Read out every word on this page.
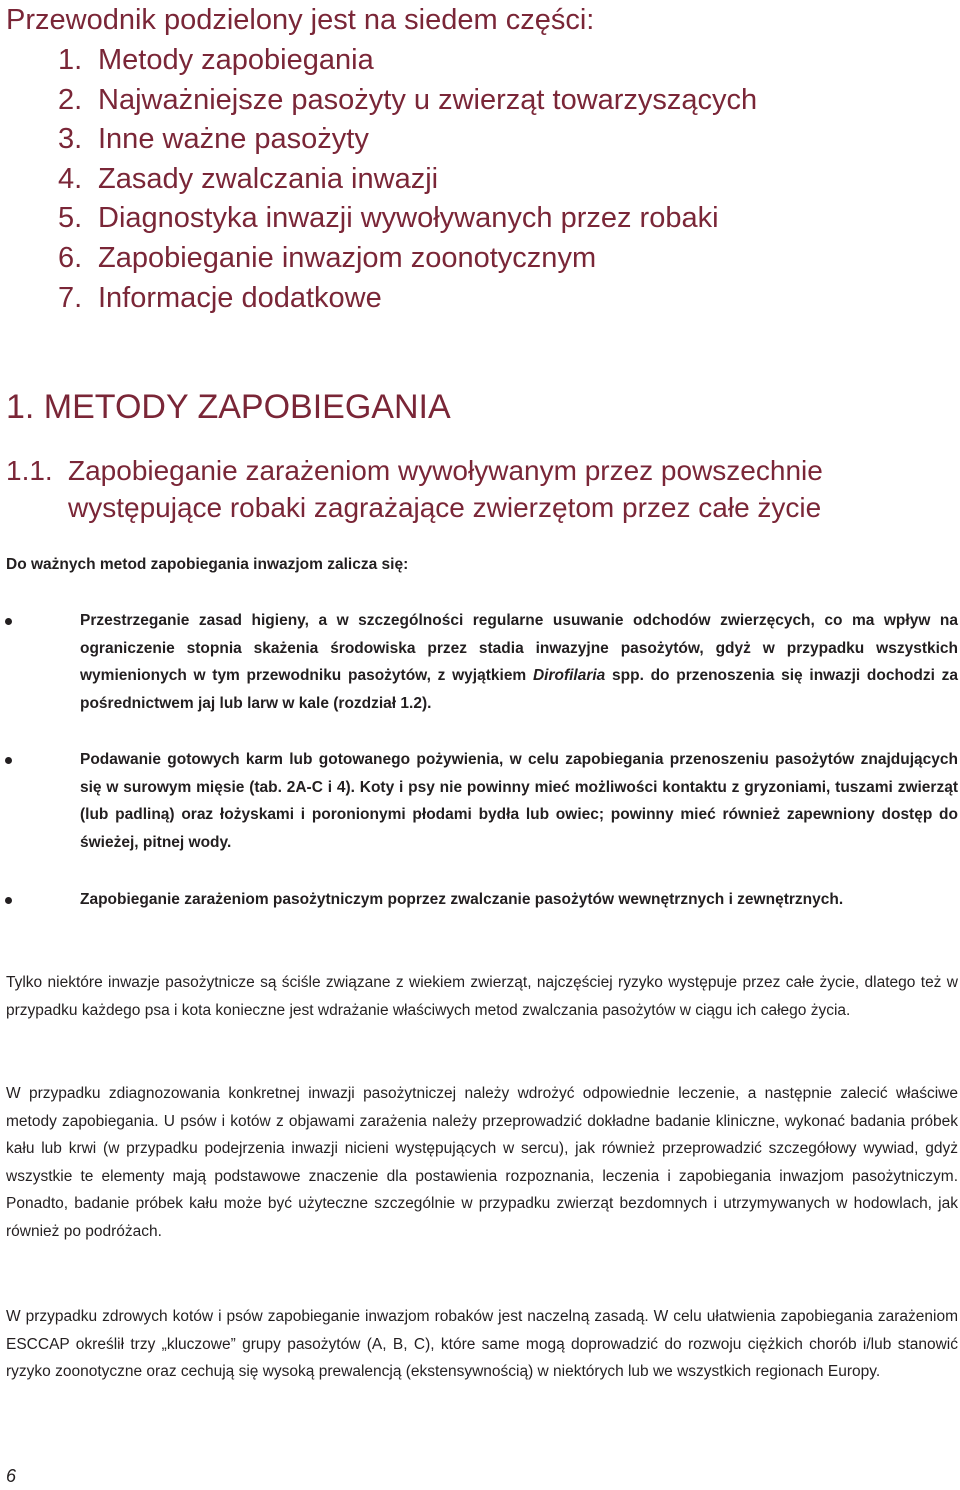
Przewodnik podzielony jest na siedem części:
1. Metody zapobiegania
2. Najważniejsze pasożyty u zwierząt towarzyszących
3. Inne ważne pasożyty
4. Zasady zwalczania inwazji
5. Diagnostyka inwazji wywoływanych przez robaki
6. Zapobieganie inwazjom zoonotycznym
7. Informacje dodatkowe
1. METODY ZAPOBIEGANIA
1.1. Zapobieganie zarażeniom wywoływanym przez powszechnie
występujące robaki zagrażające zwierzętom przez całe życie

Do ważnych metod zapobiegania inwazjom zalicza się:

Przestrzeganie zasad higieny, a w szczególności regularne usuwanie odchodów zwierzęcych, co ma wpływ na ograniczenie stopnia skażenia środowiska przez stadia inwazyjne pasożytów, gdyż w przypadku wszystkich wymienionych w tym przewodniku pasożytów, z wyjątkiem Dirofilaria spp. do przenoszenia się inwazji dochodzi za pośrednictwem jaj lub larw w kale (rozdział 1.2).
Podawanie gotowych karm lub gotowanego pożywienia, w celu zapobiegania przenoszeniu pasożytów znajdujących się w surowym mięsie (tab. 2A-C i 4). Koty i psy nie powinny mieć możliwości kontaktu z gryzoniami, tuszami zwierząt (lub padliną) oraz łożyskami i poronionymi płodami bydła lub owiec; powinny mieć również zapewniony dostęp do świeżej, pitnej wody.
Zapobieganie zarażeniom pasożytniczym poprzez zwalczanie pasożytów wewnętrznych i zewnętrznych.

Tylko niektóre inwazje pasożytnicze są ściśle związane z wiekiem zwierząt, najczęściej ryzyko występuje przez całe życie, dlatego też w przypadku każdego psa i kota konieczne jest wdrażanie właściwych metod zwalczania pasożytów w ciągu ich całego życia.

W przypadku zdiagnozowania konkretnej inwazji pasożytniczej należy wdrożyć odpowiednie leczenie, a następnie zalecić właściwe metody zapobiegania. U psów i kotów z objawami zarażenia należy przeprowadzić dokładne badanie kliniczne, wykonać badania próbek kału lub krwi (w przypadku podejrzenia inwazji nicieni występujących w sercu), jak również przeprowadzić szczegółowy wywiad, gdyż wszystkie te elementy mają podstawowe znaczenie dla postawienia rozpoznania, leczenia i zapobiegania inwazjom pasożytniczym. Ponadto, badanie próbek kału może być użyteczne szczególnie w przypadku zwierząt bezdomnych i utrzymywanych w hodowlach, jak również po podróżach.

W przypadku zdrowych kotów i psów zapobieganie inwazjom robaków jest naczelną zasadą. W celu ułatwienia zapobiegania zarażeniom ESCCAP określił trzy „kluczowe” grupy pasożytów (A, B, C), które same mogą doprowadzić do rozwoju ciężkich chorób i/lub stanowić ryzyko zoonotyczne oraz cechują się wysoką prewalencją (ekstensywnością) w niektórych lub we wszystkich regionach Europy.

6
